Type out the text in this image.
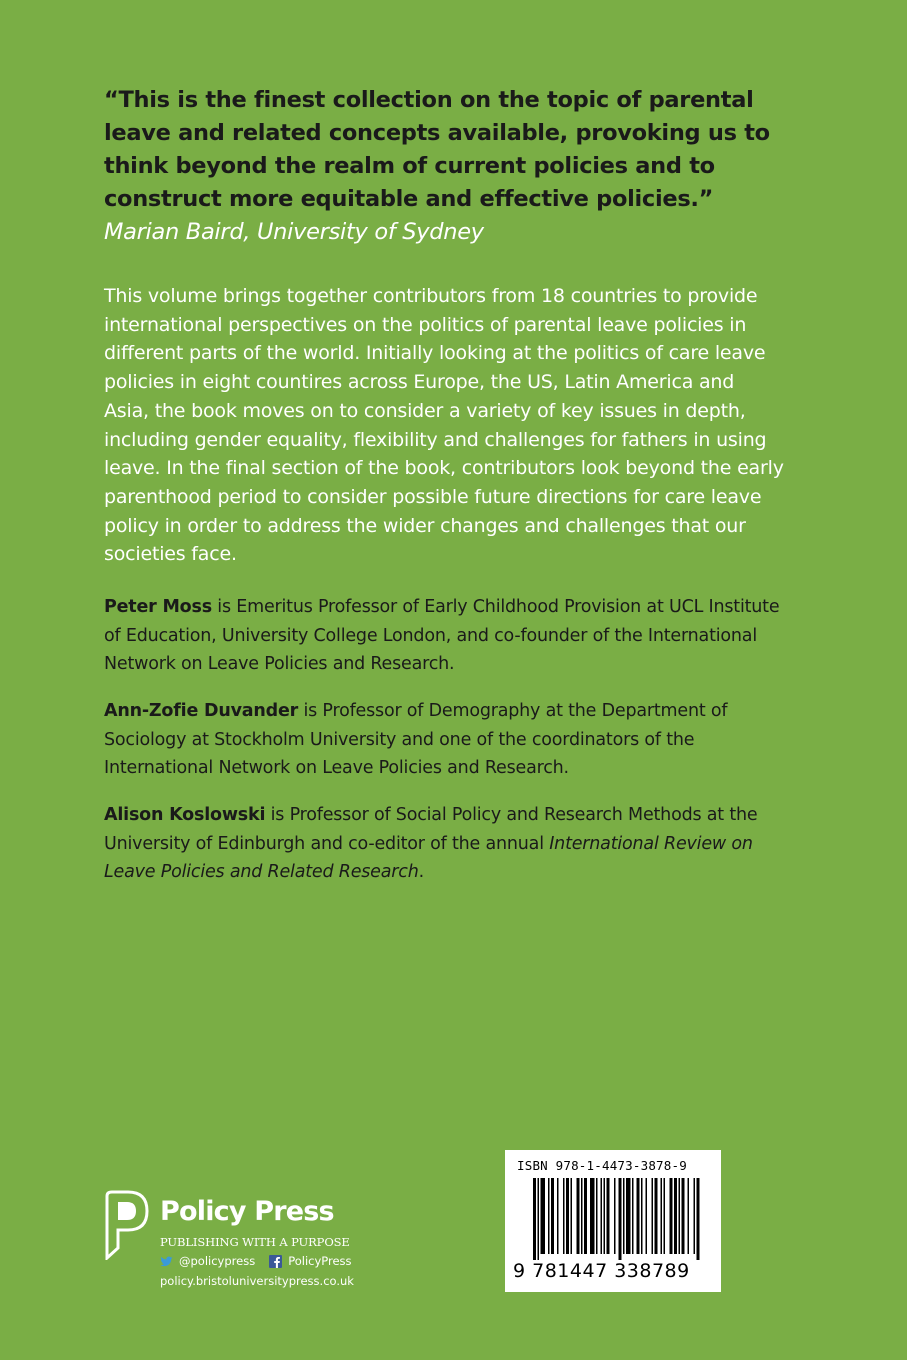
“This is the finest collection on the topic of parental leave and related concepts available, provoking us to think beyond the realm of current policies and to construct more equitable and effective policies.”

Marian Baird, University of Sydney

This volume brings together contributors from 18 countries to provide international perspectives on the politics of parental leave policies in different parts of the world. Initially looking at the politics of care leave policies in eight countires across Europe, the US, Latin America and Asia, the book moves on to consider a variety of key issues in depth, including gender equality, flexibility and challenges for fathers in using leave. In the final section of the book, contributors look beyond the early parenthood period to consider possible future directions for care leave policy in order to address the wider changes and challenges that our societies face.

Peter Moss is Emeritus Professor of Early Childhood Provision at UCL Institute of Education, University College London, and co-founder of the International Network on Leave Policies and Research.

Ann-Zofie Duvander is Professor of Demography at the Department of Sociology at Stockholm University and one of the coordinators of the International Network on Leave Policies and Research.

Alison Koslowski is Professor of Social Policy and Research Methods at the University of Edinburgh and co-editor of the annual International Review on Leave Policies and Related Research.

Policy Press
PUBLISHING WITH A PURPOSE
@policypress	PolicyPress
policy.bristoluniversitypress.co.uk
ISBN 978-1-4473-3878-9
9 781447 338789
